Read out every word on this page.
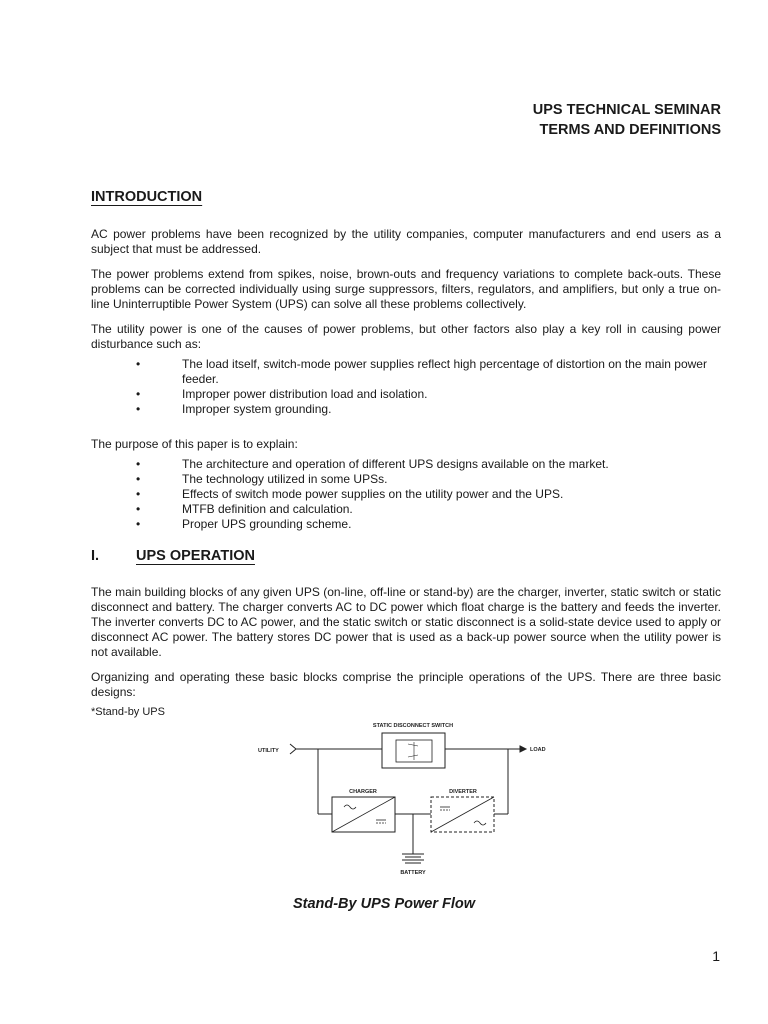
UPS TECHNICAL SEMINAR
TERMS AND DEFINITIONS
INTRODUCTION

AC power problems have been recognized by the utility companies, computer manufacturers and end users as a subject that must be addressed.

The power problems extend from spikes, noise, brown-outs and frequency variations to complete back-outs. These problems can be corrected individually using surge suppressors, filters, regulators, and amplifiers, but only a true on-line Uninterruptible Power System (UPS) can solve all these problems collectively.

The utility power is one of the causes of power problems, but other factors also play a key roll in causing power disturbance such as:

•	The load itself, switch-mode power supplies reflect high percentage of distortion on the main power feeder.
•	Improper power distribution load and isolation.
•	Improper system grounding.

The purpose of this paper is to explain:

•	The architecture and operation of different UPS designs available on the market.
•	The technology utilized in some UPSs.
•	Effects of switch mode power supplies on the utility power and the UPS.
•	MTFB definition and calculation.
•	Proper UPS grounding scheme.
I.	UPS OPERATION

The main building blocks of any given UPS (on-line, off-line or stand-by) are the charger, inverter, static switch or static disconnect and battery. The charger converts AC to DC power which float charge is the battery and feeds the inverter. The inverter converts DC to AC power, and the static switch or static disconnect is a solid-state device used to apply or disconnect AC power. The battery stores DC power that is used as a back-up power source when the utility power is not available.

Organizing and operating these basic blocks comprise the principle operations of the UPS. There are three basic designs:

*Stand-by UPS
STATIC DISCONNECT SWITCH
UTILITY	LOAD
CHARGER	DIVERTER
BATTERY
Stand-By UPS Power Flow
1
